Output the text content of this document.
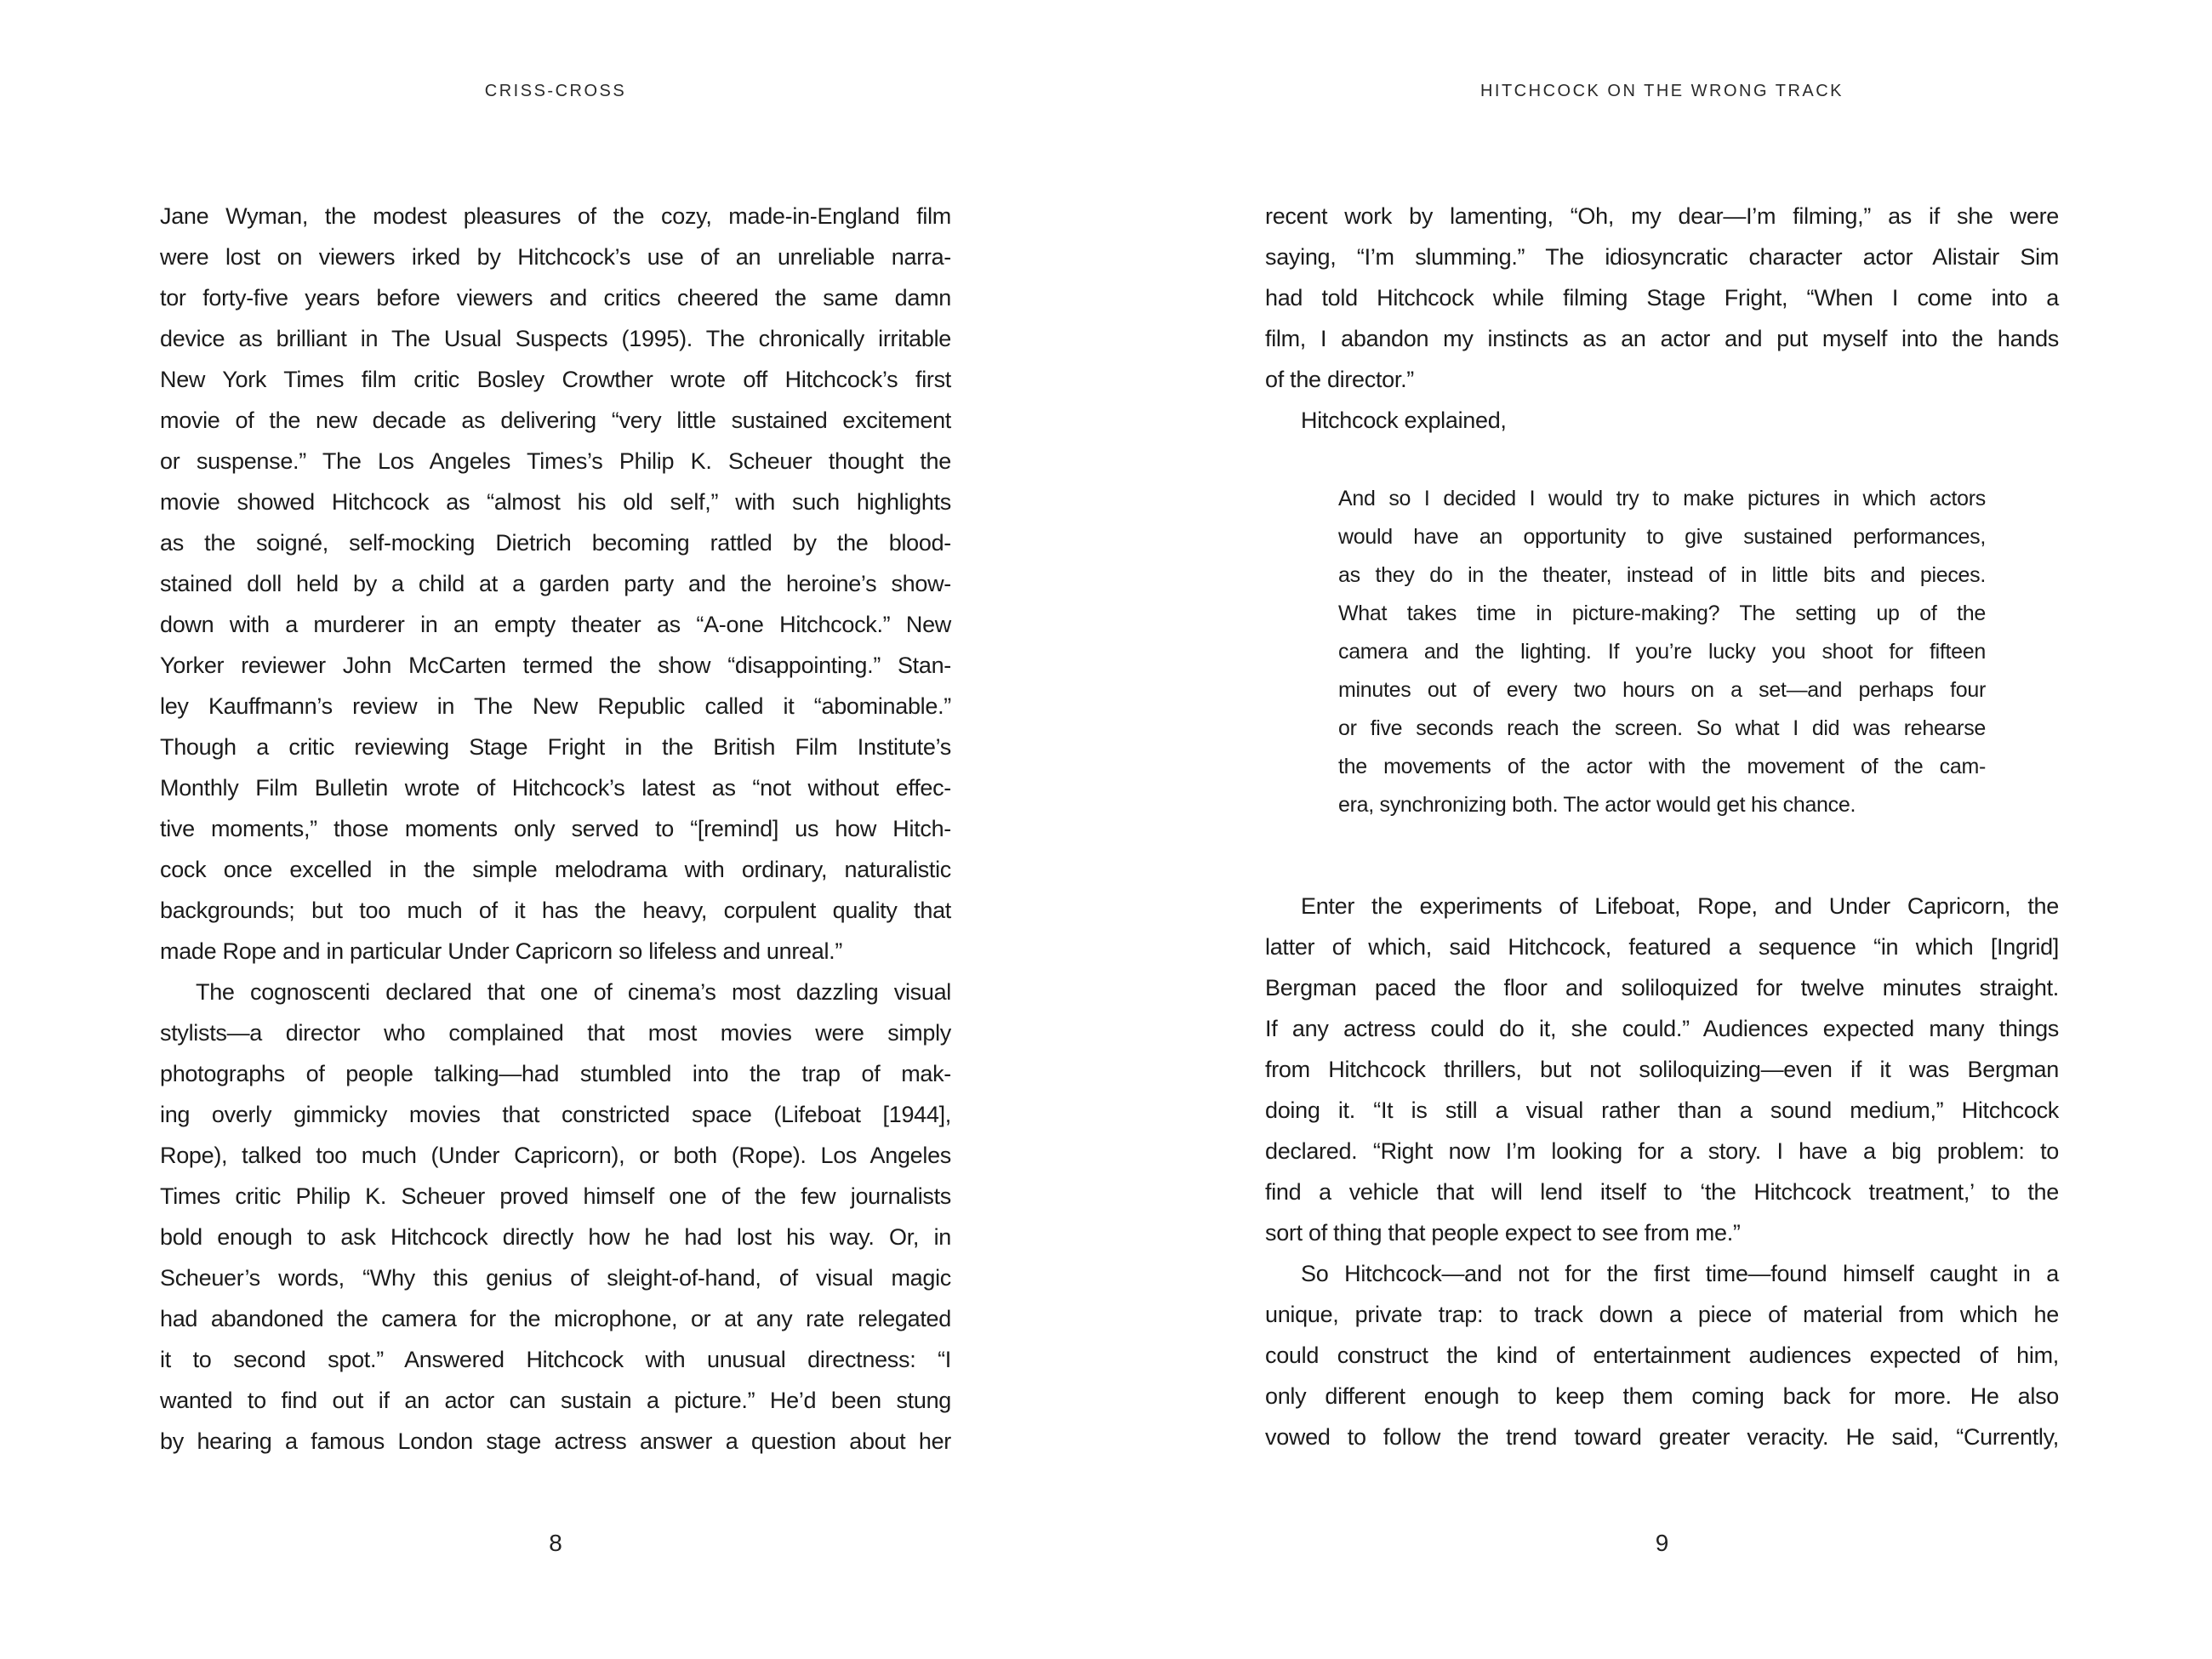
CRISS-CROSS
Jane Wyman, the modest pleasures of the cozy, made-in-England film
were lost on viewers irked by Hitchcock’s use of an unreliable narra-
tor forty-five years before viewers and critics cheered the same damn
device as brilliant in The Usual Suspects (1995). The chronically irritable
New York Times film critic Bosley Crowther wrote off Hitchcock’s first
movie of the new decade as delivering “very little sustained excitement
or suspense.” The Los Angeles Times’s Philip K. Scheuer thought the
movie showed Hitchcock as “almost his old self,” with such highlights
as the soigné, self-mocking Dietrich becoming rattled by the blood-
stained doll held by a child at a garden party and the heroine’s show-
down with a murderer in an empty theater as “A-one Hitchcock.” New
Yorker reviewer John McCarten termed the show “disappointing.” Stan-
ley Kauffmann’s review in The New Republic called it “abominable.”
Though a critic reviewing Stage Fright in the British Film Institute’s
Monthly Film Bulletin wrote of Hitchcock’s latest as “not without effec-
tive moments,” those moments only served to “[remind] us how Hitch-
cock once excelled in the simple melodrama with ordinary, naturalistic
backgrounds; but too much of it has the heavy, corpulent quality that
made Rope and in particular Under Capricorn so lifeless and unreal.”
The cognoscenti declared that one of cinema’s most dazzling visual
stylists—a director who complained that most movies were simply
photographs of people talking—had stumbled into the trap of mak-
ing overly gimmicky movies that constricted space (Lifeboat [1944],
Rope), talked too much (Under Capricorn), or both (Rope). Los Angeles
Times critic Philip K. Scheuer proved himself one of the few journalists
bold enough to ask Hitchcock directly how he had lost his way. Or, in
Scheuer’s words, “Why this genius of sleight-of-hand, of visual magic
had abandoned the camera for the microphone, or at any rate relegated
it to second spot.” Answered Hitchcock with unusual directness: “I
wanted to find out if an actor can sustain a picture.” He’d been stung
by hearing a famous London stage actress answer a question about her
8
HITCHCOCK ON THE WRONG TRACK
recent work by lamenting, “Oh, my dear—I’m filming,” as if she were
saying, “I’m slumming.” The idiosyncratic character actor Alistair Sim
had told Hitchcock while filming Stage Fright, “When I come into a
film, I abandon my instincts as an actor and put myself into the hands
of the director.”
Hitchcock explained,
And so I decided I would try to make pictures in which actors
would have an opportunity to give sustained performances,
as they do in the theater, instead of in little bits and pieces.
What takes time in picture-making? The setting up of the
camera and the lighting. If you’re lucky you shoot for fifteen
minutes out of every two hours on a set—and perhaps four
or five seconds reach the screen. So what I did was rehearse
the movements of the actor with the movement of the cam-
era, synchronizing both. The actor would get his chance.
Enter the experiments of Lifeboat, Rope, and Under Capricorn, the
latter of which, said Hitchcock, featured a sequence “in which [Ingrid]
Bergman paced the floor and soliloquized for twelve minutes straight.
If any actress could do it, she could.” Audiences expected many things
from Hitchcock thrillers, but not soliloquizing—even if it was Bergman
doing it. “It is still a visual rather than a sound medium,” Hitchcock
declared. “Right now I’m looking for a story. I have a big problem: to
find a vehicle that will lend itself to ‘the Hitchcock treatment,’ to the
sort of thing that people expect to see from me.”
So Hitchcock—and not for the first time—found himself caught in a
unique, private trap: to track down a piece of material from which he
could construct the kind of entertainment audiences expected of him,
only different enough to keep them coming back for more. He also
vowed to follow the trend toward greater veracity. He said, “Currently,
9
